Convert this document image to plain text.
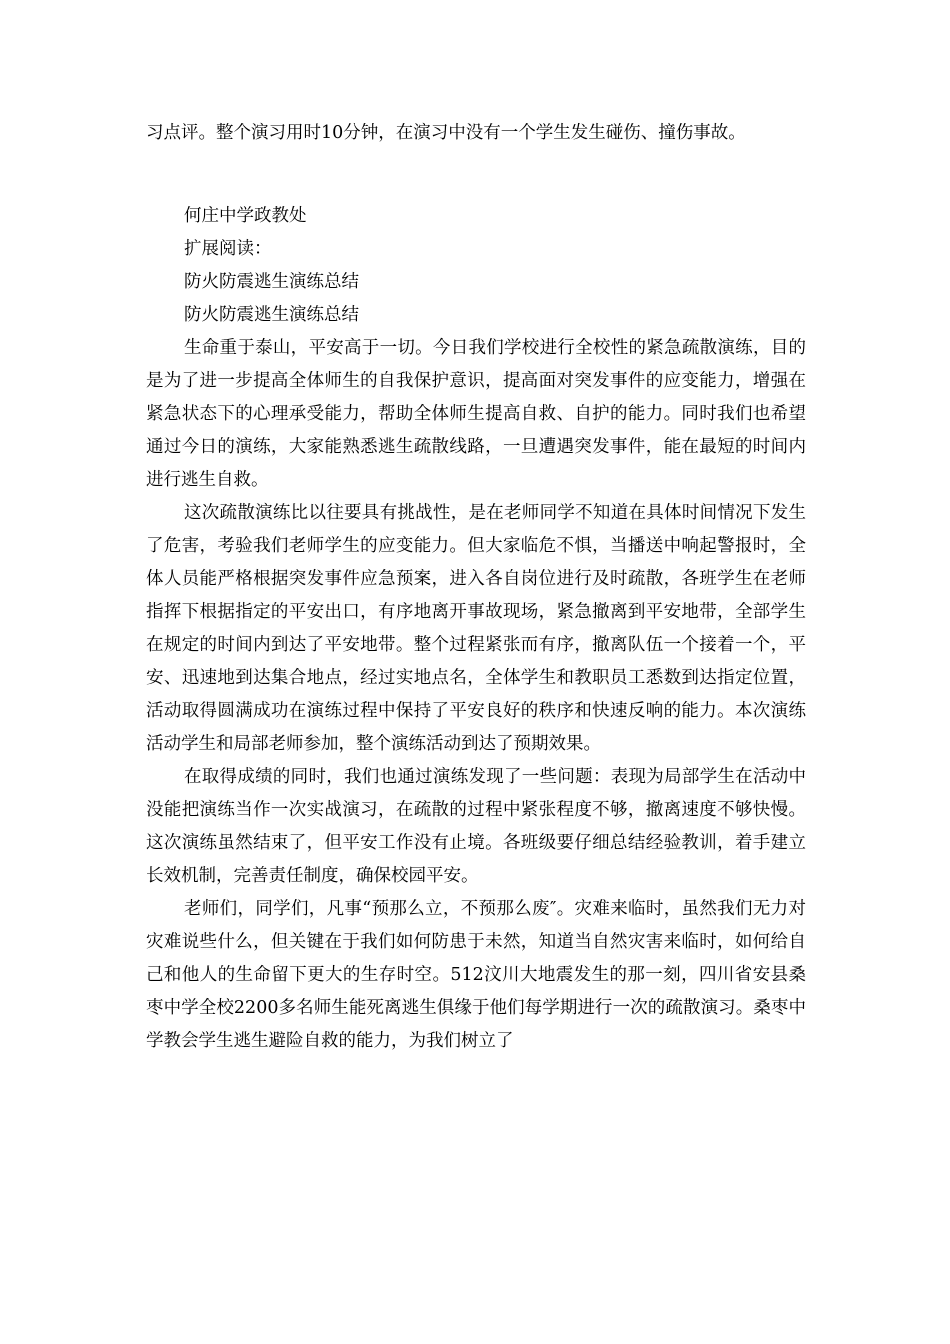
习点评。整个演习用时10分钟，在演习中没有一个学生发生碰伤、撞伤事故。

何庄中学政教处

扩展阅读：

防火防震逃生演练总结

防火防震逃生演练总结

生命重于泰山，平安高于一切。今日我们学校进行全校性的紧急疏散演练，目的是为了进一步提高全体师生的自我保护意识，提高面对突发事件的应变能力，增强在紧急状态下的心理承受能力，帮助全体师生提高自救、自护的能力。同时我们也希望通过今日的演练，大家能熟悉逃生疏散线路，一旦遭遇突发事件，能在最短的时间内进行逃生自救。

这次疏散演练比以往要具有挑战性，是在老师同学不知道在具体时间情况下发生了危害，考验我们老师学生的应变能力。但大家临危不惧，当播送中响起警报时，全体人员能严格根据突发事件应急预案，进入各自岗位进行及时疏散，各班学生在老师指挥下根据指定的平安出口，有序地离开事故现场，紧急撤离到平安地带，全部学生在规定的时间内到达了平安地带。整个过程紧张而有序，撤离队伍一个接着一个，平安、迅速地到达集合地点，经过实地点名，全体学生和教职员工悉数到达指定位置，活动取得圆满成功在演练过程中保持了平安良好的秩序和快速反响的能力。本次演练活动学生和局部老师参加，整个演练活动到达了预期效果。

在取得成绩的同时，我们也通过演练发现了一些问题：表现为局部学生在活动中没能把演练当作一次实战演习，在疏散的过程中紧张程度不够，撤离速度不够快慢。这次演练虽然结束了，但平安工作没有止境。各班级要仔细总结经验教训，着手建立长效机制，完善责任制度，确保校园平安。

老师们，同学们，凡事“预那么立，不预那么废″。灾难来临时，虽然我们无力对灾难说些什么，但关键在于我们如何防患于未然，知道当自然灾害来临时，如何给自己和他人的生命留下更大的生存时空。512汶川大地震发生的那一刻，四川省安县桑枣中学全校2200多名师生能死离逃生俱缘于他们每学期进行一次的疏散演习。桑枣中学教会学生逃生避险自救的能力，为我们树立了
